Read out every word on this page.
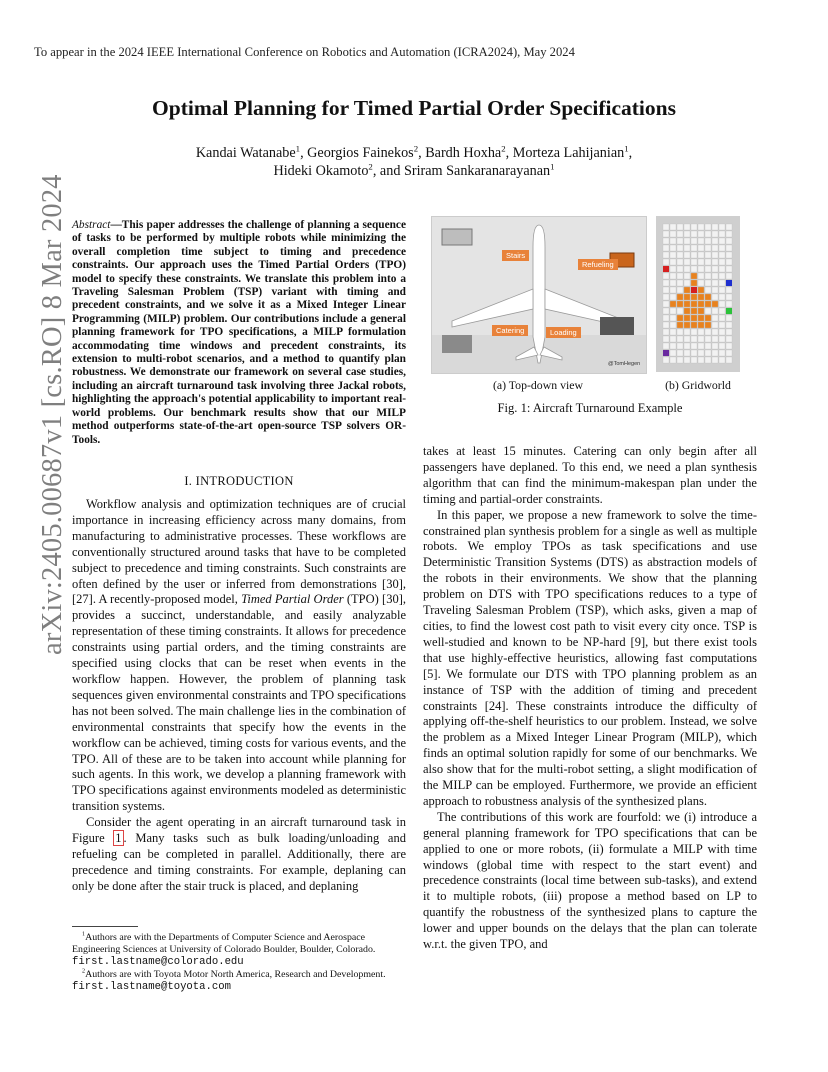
To appear in the 2024 IEEE International Conference on Robotics and Automation (ICRA2024), May 2024
Optimal Planning for Timed Partial Order Specifications
Kandai Watanabe$^1$, Georgios Fainekos$^2$, Bardh Hoxha$^2$, Morteza Lahijanian$^1$,
Hideki Okamoto$^2$, and Sriram Sankaranarayanan$^1$
arXiv:2405.00687v1 [cs.RO] 8 Mar 2024 Abstract—This paper addresses the challenge of planning a sequence of tasks to be performed by multiple robots while minimizing the overall completion time subject to timing and precedence constraints. Our approach uses the Timed Partial Orders (TPO) model to specify these constraints. We translate this problem into a Traveling Salesman Problem (TSP) variant with timing and precedent constraints, and we solve it as a Mixed Integer Linear Programming (MILP) problem. Our contributions include a general planning framework for TPO specifications, a MILP formulation accommodating time windows and precedent constraints, its extension to multi-robot scenarios, and a method to quantify plan robustness. We demonstrate our framework on several case studies, including an aircraft turnaround task involving three Jackal robots, highlighting the approach's potential applicability to important real-world problems. Our benchmark results show that our MILP method outperforms state-of-the-art open-source TSP solvers OR-Tools.
I. INTRODUCTION

Workflow analysis and optimization techniques are of crucial importance in increasing efficiency across many domains, from manufacturing to administrative processes. These workflows are conventionally structured around tasks that have to be completed subject to precedence and timing constraints. Such constraints are often defined by the user or inferred from demonstrations [30], [27]. A recently-proposed model, Timed Partial Order (TPO) [30], provides a succinct, understandable, and easily analyzable representation of these timing constraints. It allows for precedence constraints using partial orders, and the timing constraints are specified using clocks that can be reset when events in the workflow happen. However, the problem of planning task sequences given environmental constraints and TPO specifications has not been solved. The main challenge lies in the combination of environmental constraints that specify how the events in the workflow can be achieved, timing costs for various events, and the TPO. All of these are to be taken into account while planning for such agents. In this work, we develop a planning framework with TPO specifications against environments modeled as deterministic transition systems.

Consider the agent operating in an aircraft turnaround task in Figure 1 . Many tasks such as bulk loading/unloading and refueling can be completed in parallel. Additionally, there are precedence and timing constraints. For example, deplaning can only be done after the stair truck is placed, and deplaning

$^1$Authors are with the Departments of Computer Science and Aerospace Engineering Sciences at University of Colorado Boulder, Boulder, Colorado. first.lastname@colorado.edu

$^2$Authors are with Toyota Motor North America, Research and Development. first.lastname@toyota.com

Stairs
Refueling
Catering	Loading
@TomHegen
(a) Top-down view	(b) Gridworld
Fig. 1: Aircraft Turnaround Example

takes at least 15 minutes. Catering can only begin after all passengers have deplaned. To this end, we need a plan synthesis algorithm that can find the minimum-makespan plan under the timing and partial-order constraints.

In this paper, we propose a new framework to solve the time-constrained plan synthesis problem for a single as well as multiple robots. We employ TPOs as task specifications and use Deterministic Transition Systems (DTS) as abstraction models of the robots in their environments. We show that the planning problem on DTS with TPO specifications reduces to a type of Traveling Salesman Problem (TSP), which asks, given a map of cities, to find the lowest cost path to visit every city once. TSP is well-studied and known to be NP-hard [9], but there exist tools that use highly-effective heuristics, allowing fast computations [5]. We formulate our DTS with TPO planning problem as an instance of TSP with the addition of timing and precedent constraints [24]. These constraints introduce the difficulty of applying off-the-shelf heuristics to our problem. Instead, we solve the problem as a Mixed Integer Linear Program (MILP), which finds an optimal solution rapidly for some of our benchmarks. We also show that for the multi-robot setting, a slight modification of the MILP can be employed. Furthermore, we provide an efficient approach to robustness analysis of the synthesized plans.

The contributions of this work are fourfold: we (i) introduce a general planning framework for TPO specifications that can be applied to one or more robots, (ii) formulate a MILP with time windows (global time with respect to the start event) and precedence constraints (local time between sub-tasks), and extend it to multiple robots, (iii) propose a method based on LP to quantify the robustness of the synthesized plans to capture the lower and upper bounds on the delays that the plan can tolerate w.r.t. the given TPO, and
